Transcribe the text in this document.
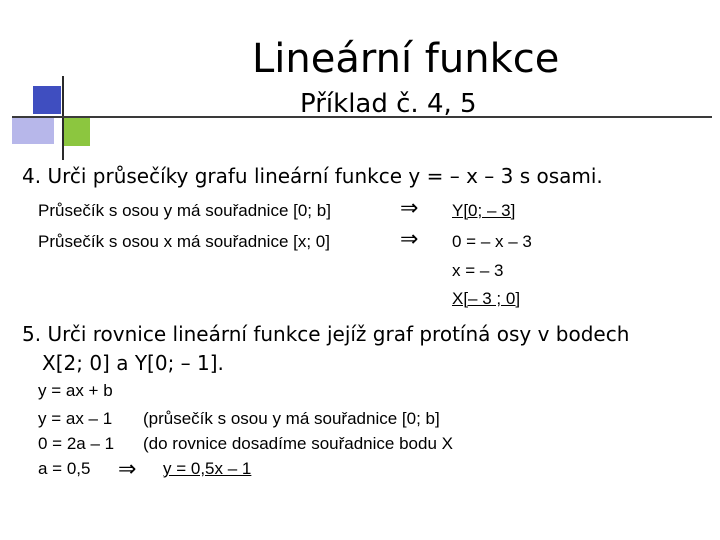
Lineární funkce
Příklad č. 4, 5
4. Urči průsečíky grafu lineární funkce y = – x – 3 s osami.
Průsečík s osou y má souřadnice [0; b]	⇒ Y[0; – 3]
Průsečík s osou x má souřadnice [x; 0]	⇒ 0 = – x – 3
x = – 3
X[– 3 ; 0]
5. Urči rovnice lineární funkce jejíž graf protíná osy v bodech
X[2; 0] a Y[0; – 1].
y = ax + b
y = ax – 1 (průsečík s osou y má souřadnice [0; b]
0 = 2a – 1 (do rovnice dosadíme souřadnice bodu X
a = 0,5 ⇒ y = 0,5x – 1
